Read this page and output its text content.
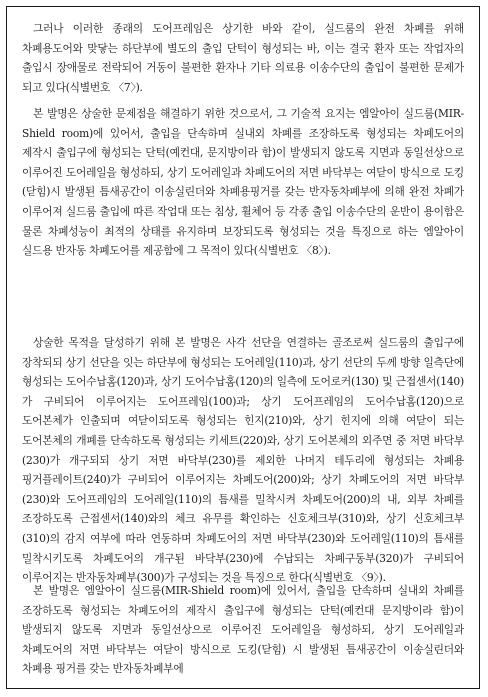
그러나 이러한 종래의 도어프레임은 상기한 바와 같이, 실드룸의 완전 차폐를 위해 차폐용도어와 맞닿는 하단부에 별도의 출입 단턱이 형성되는 바, 이는 결국 환자 또는 작업자의 출입시 장애물로 전락되어 거동이 불편한 환자나 기타 의료용 이송수단의 출입이 불편한 문제가 되고 있다(식별번호 〈7〉).

본 발명은 상술한 문제점을 해결하기 위한 것으로서, 그 기술적 요지는 엠알아이 실드룸(MIR-Shield room)에 있어서, 출입을 단속하며 실내외 차폐를 조장하도록 형성되는 차폐도어의 제작시 출입구에 형성되는 단턱(예컨대, 문지방이라 함)이 발생되지 않도록 지면과 동일선상으로 이루어진 도어레일을 형성하되, 상기 도어레일과 차폐도어의 저면 바닥부는 여닫이 방식으로 도킹(닫힘)시 발생된 틈새공간이 이송실린더와 차폐용핑거를 갖는 반자동차폐부에 의해 완전 차폐가 이루어져 실드룸 출입에 따른 작업대 또는 침상, 휠체어 등 각종 출입 이송수단의 운반이 용이함은 물론 차폐성능이 최적의 상태를 유지하며 보장되도록 형성되는 것을 특징으로 하는 엠알아이 실드용 반자동 차폐도어를 제공함에 그 목적이 있다(식별번호 〈8〉).

상술한 목적을 달성하기 위해 본 발명은 사각 선단을 연결하는 골조로써 실드룸의 출입구에 장착되되 상기 선단을 잇는 하단부에 형성되는 도어레일(110)과, 상기 선단의 두께 방향 일측단에 형성되는 도어수납홈(120)과, 상기 도어수납홈(120)의 일측에 도어로커(130) 및 근접센서(140)가 구비되어 이루어지는 도어프레임(100)과; 상기 도어프레임의 도어수납홈(120)으로 도어본체가 인출되며 여닫이되도록 형성되는 힌지(210)와, 상기 힌지에 의해 여닫이 되는 도어본체의 개폐를 단속하도록 형성되는 키세트(220)와, 상기 도어본체의 외주면 중 저면 바닥부(230)가 개구되되 상기 저면 바닥부(230)를 제외한 나머지 테두리에 형성되는 차폐용 핑거플레이트(240)가 구비되어 이루어지는 차폐도어(200)와; 상기 차폐도어의 저면 바닥부(230)와 도어프레임의 도어레일(110)의 틈새를 밀착시켜 차폐도어(200)의 내, 외부 차폐를 조장하도록 근접센서(140)와의 체크 유무를 확인하는 신호체크부(310)와, 상기 신호체크부(310)의 감지 여부에 따라 연동하며 차폐도어의 저면 바닥부(230)와 도어레일(110)의 틈새를 밀착시키도록 차폐도어의 개구된 바닥부(230)에 수납되는 차폐구동부(320)가 구비되어 이루어지는 반자동차폐부(300)가 구성되는 것을 특징으로 한다(식별번호 〈9〉).

본 발명은 엠알아이 실드룸(MIR-Shield room)에 있어서, 출입을 단속하며 실내외 차폐를 조장하도록 형성되는 차폐도어의 제작시 출입구에 형성되는 단턱(예컨대 문지방이라 함)이 발생되지 않도록 지면과 동일선상으로 이루어진 도어레일을 형성하되, 상기 도어레일과 차폐도어의 저면 바닥부는 여닫이 방식으로 도킹(닫힘) 시 발생된 틈새공간이 이송실린더와 차폐용 핑거를 갖는 반자동차폐부에
